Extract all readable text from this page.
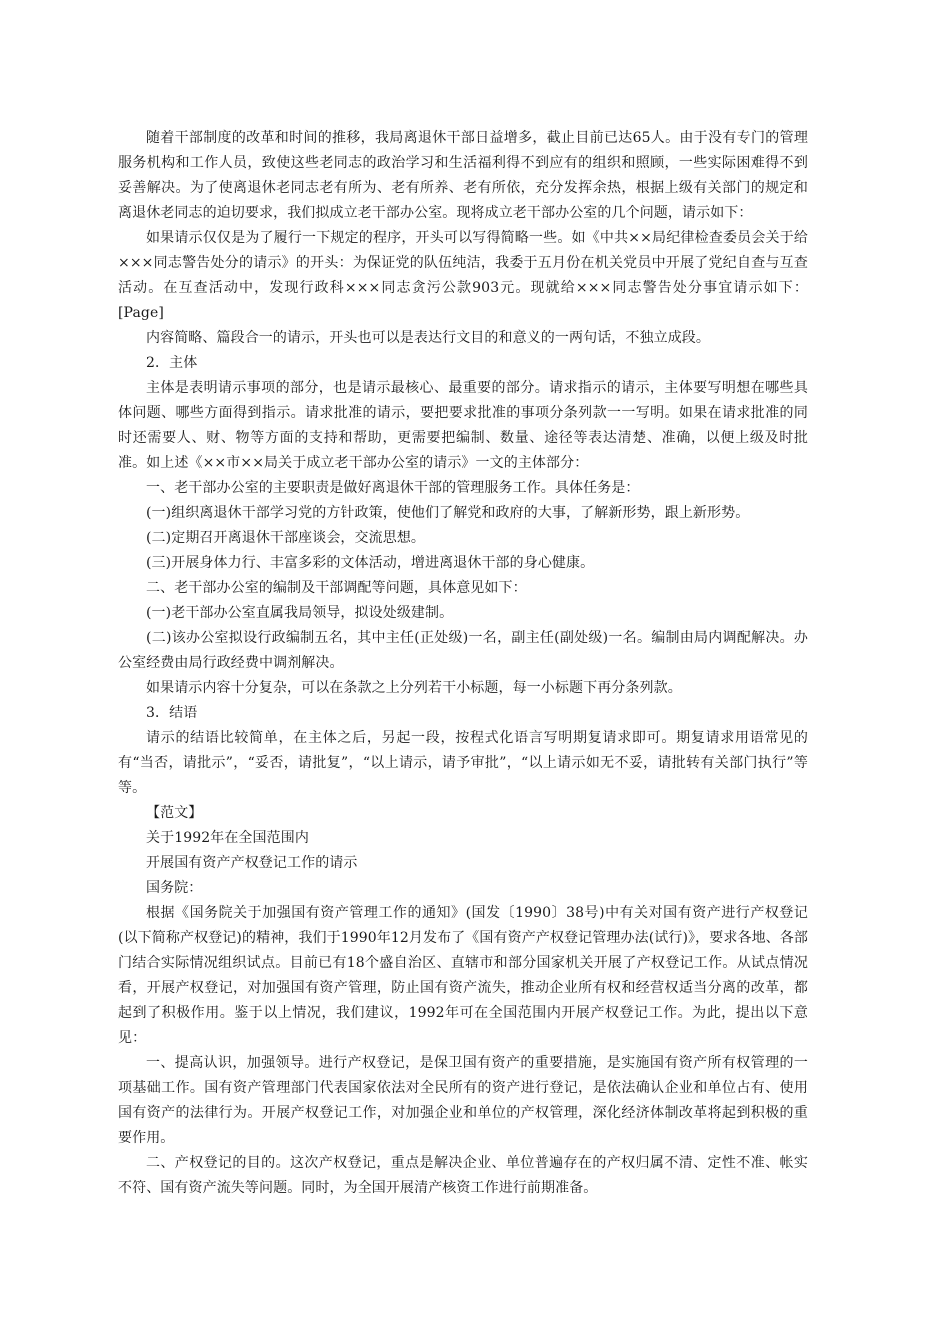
随着干部制度的改革和时间的推移，我局离退休干部日益增多，截止目前已达65人。由于没有专门的管理服务机构和工作人员，致使这些老同志的政治学习和生活福利得不到应有的组织和照顾，一些实际困难得不到妥善解决。为了使离退休老同志老有所为、老有所养、老有所依，充分发挥余热，根据上级有关部门的规定和离退休老同志的迫切要求，我们拟成立老干部办公室。现将成立老干部办公室的几个问题，请示如下：

如果请示仅仅是为了履行一下规定的程序，开头可以写得简略一些。如《中共××局纪律检查委员会关于给×××同志警告处分的请示》的开头：为保证党的队伍纯洁，我委于五月份在机关党员中开展了党纪自查与互查活动。在互查活动中，发现行政科×××同志贪污公款903元。现就给×××同志警告处分事宜请示如下：[Page]

内容简略、篇段合一的请示，开头也可以是表达行文目的和意义的一两句话，不独立成段。

2．主体

主体是表明请示事项的部分，也是请示最核心、最重要的部分。请求指示的请示，主体要写明想在哪些具体问题、哪些方面得到指示。请求批准的请示，要把要求批准的事项分条列款一一写明。如果在请求批准的同时还需要人、财、物等方面的支持和帮助，更需要把编制、数量、途径等表达清楚、准确，以便上级及时批准。如上述《××市××局关于成立老干部办公室的请示》一文的主体部分：

一、老干部办公室的主要职责是做好离退休干部的管理服务工作。具体任务是：

(一)组织离退休干部学习党的方针政策，使他们了解党和政府的大事，了解新形势，跟上新形势。

(二)定期召开离退休干部座谈会，交流思想。

(三)开展身体力行、丰富多彩的文体活动，增进离退休干部的身心健康。

二、老干部办公室的编制及干部调配等问题，具体意见如下：

(一)老干部办公室直属我局领导，拟设处级建制。

(二)该办公室拟设行政编制五名，其中主任(正处级)一名，副主任(副处级)一名。编制由局内调配解决。办公室经费由局行政经费中调剂解决。

如果请示内容十分复杂，可以在条款之上分列若干小标题，每一小标题下再分条列款。

3．结语

请示的结语比较简单，在主体之后，另起一段，按程式化语言写明期复请求即可。期复请求用语常见的有“当否，请批示”，“妥否，请批复”，“以上请示，请予审批”，“以上请示如无不妥，请批转有关部门执行”等等。

【范文】

关于1992年在全国范围内

开展国有资产产权登记工作的请示

国务院：

根据《国务院关于加强国有资产管理工作的通知》(国发〔1990〕38号)中有关对国有资产进行产权登记(以下简称产权登记)的精神，我们于1990年12月发布了《国有资产产权登记管理办法(试行)》，要求各地、各部门结合实际情况组织试点。目前已有18个盛自治区、直辖市和部分国家机关开展了产权登记工作。从试点情况看，开展产权登记，对加强国有资产管理，防止国有资产流失，推动企业所有权和经营权适当分离的改革，都起到了积极作用。鉴于以上情况，我们建议，1992年可在全国范围内开展产权登记工作。为此，提出以下意见：

一、提高认识，加强领导。进行产权登记，是保卫国有资产的重要措施，是实施国有资产所有权管理的一项基础工作。国有资产管理部门代表国家依法对全民所有的资产进行登记，是依法确认企业和单位占有、使用国有资产的法律行为。开展产权登记工作，对加强企业和单位的产权管理，深化经济体制改革将起到积极的重要作用。

二、产权登记的目的。这次产权登记，重点是解决企业、单位普遍存在的产权归属不清、定性不准、帐实不符、国有资产流失等问题。同时，为全国开展清产核资工作进行前期准备。
